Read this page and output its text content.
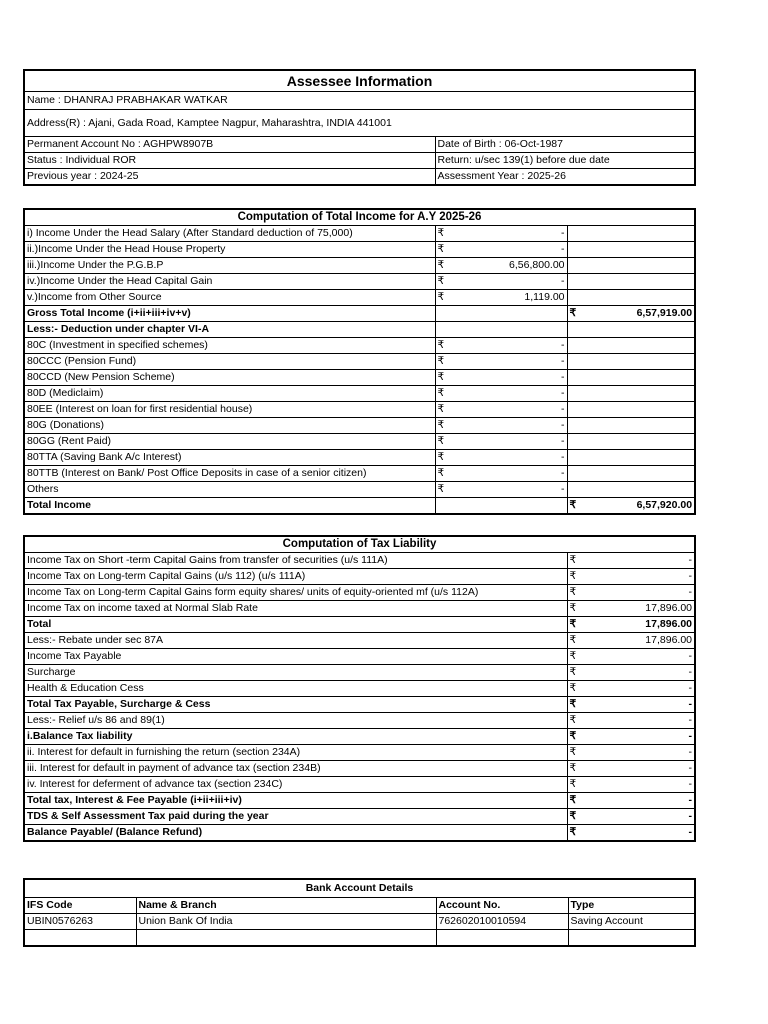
Assessee Information	
Name : DHANRAJ PRABHAKAR WATKAR	
Address(R) : Ajani, Gada Road, Kamptee Nagpur, Maharashtra, INDIA 441001	
Permanent Account No : AGHPW8907B	Date of Birth : 06-Oct-1987
Status : Individual ROR	Return: u/sec 139(1) before due date
Previous year : 2024-25	Assessment Year : 2025-26
Computation of Total Income for A.Y 2025-26				
i) Income Under the Head Salary (After Standard deduction of 75,000)	₹	-		
ii.)Income Under the Head House Property	₹	-		
iii.)Income Under the P.G.B.P	₹	6,56,800.00		
iv.)Income Under the Head Capital Gain	₹	-		
v.)Income from Other Source	₹	1,119.00		
Gross Total Income (i+ii+iii+iv+v)			₹	6,57,919.00
Less:- Deduction under chapter VI-A				
80C (Investment in specified schemes)	₹	-		
80CCC (Pension Fund)	₹	-		
80CCD (New Pension Scheme)	₹	-		
80D (Mediclaim)	₹	-		
80EE (Interest on loan for first residential house)	₹	-		
80G (Donations)	₹	-		
80GG (Rent Paid)	₹	-		
80TTA (Saving Bank A/c Interest)	₹	-		
80TTB (Interest on Bank/ Post Office Deposits in case of a senior citizen)	₹	-		
Others	₹	-		
Total Income			₹	6,57,920.00
Computation of Tax Liability		
Income Tax on Short -term Capital Gains from transfer of securities (u/s 111A)	₹	-
Income Tax on Long-term Capital Gains (u/s 112) (u/s 111A)	₹	-
Income Tax on Long-term Capital Gains form equity shares/ units of equity-oriented mf (u/s 112A)	₹	-
Income Tax on income taxed at Normal Slab Rate	₹	17,896.00
Total	₹	17,896.00
Less:- Rebate under sec 87A	₹	17,896.00
Income Tax Payable	₹	-
Surcharge	₹	-
Health & Education Cess	₹	-
Total Tax Payable, Surcharge & Cess	₹	-
Less:- Relief u/s 86 and 89(1)	₹	-
i.Balance Tax liability	₹	-
ii. Interest for default in furnishing the return (section 234A)	₹	-
iii. Interest for default in payment of advance tax (section 234B)	₹	-
iv. Interest for deferment of advance tax (section 234C)	₹	-
Total tax, Interest & Fee Payable (i+ii+iii+iv)	₹	-
TDS & Self Assessment Tax paid during the year	₹	-
Balance Payable/ (Balance Refund)	₹	-
Bank Account Details			
IFS Code	Name & Branch	Account No.	Type
UBIN0576263	Union Bank Of India	762602010010594	Saving Account
